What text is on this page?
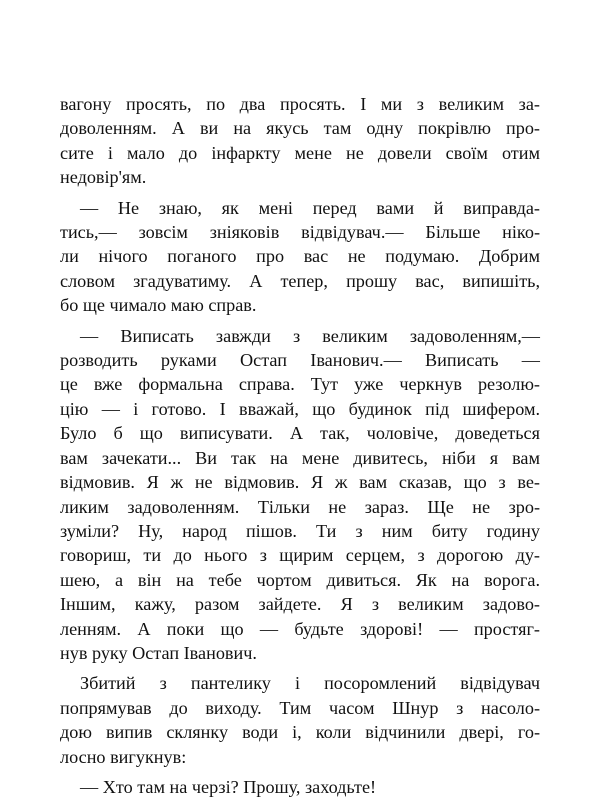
вагону просять, по два просять. І ми з великим за-
доволенням. А ви на якусь там одну покрівлю про-
сите і мало до інфаркту мене не довели своїм отим
недовір'ям.
— Не знаю, як мені перед вами й виправда-
тись,— зовсім зніяковів відвідувач.— Більше ніко-
ли нічого поганого про вас не подумаю. Добрим
словом згадуватиму. А тепер, прошу вас, випишіть,
бо ще чимало маю справ.
— Виписать завжди з великим задоволенням,—
розводить руками Остап Іванович.— Виписать —
це вже формальна справа. Тут уже черкнув резолю-
цію — і готово. І вважай, що будинок під шифером.
Було б що виписувати. А так, чоловіче, доведеться
вам зачекати... Ви так на мене дивитесь, ніби я вам
відмовив. Я ж не відмовив. Я ж вам сказав, що з ве-
ликим задоволенням. Тільки не зараз. Ще не зро-
зуміли? Ну, народ пішов. Ти з ним биту годину
говориш, ти до нього з щирим серцем, з дорогою ду-
шею, а він на тебе чортом дивиться. Як на ворога.
Іншим, кажу, разом зайдете. Я з великим задово-
ленням. А поки що — будьте здорові! — простяг-
нув руку Остап Іванович.
Збитий з пантелику і посоромлений відвідувач
попрямував до виходу. Тим часом Шнур з насоло-
дою випив склянку води і, коли відчинили двері, го-
лосно вигукнув:
— Хто там на черзі? Прошу, заходьте!
